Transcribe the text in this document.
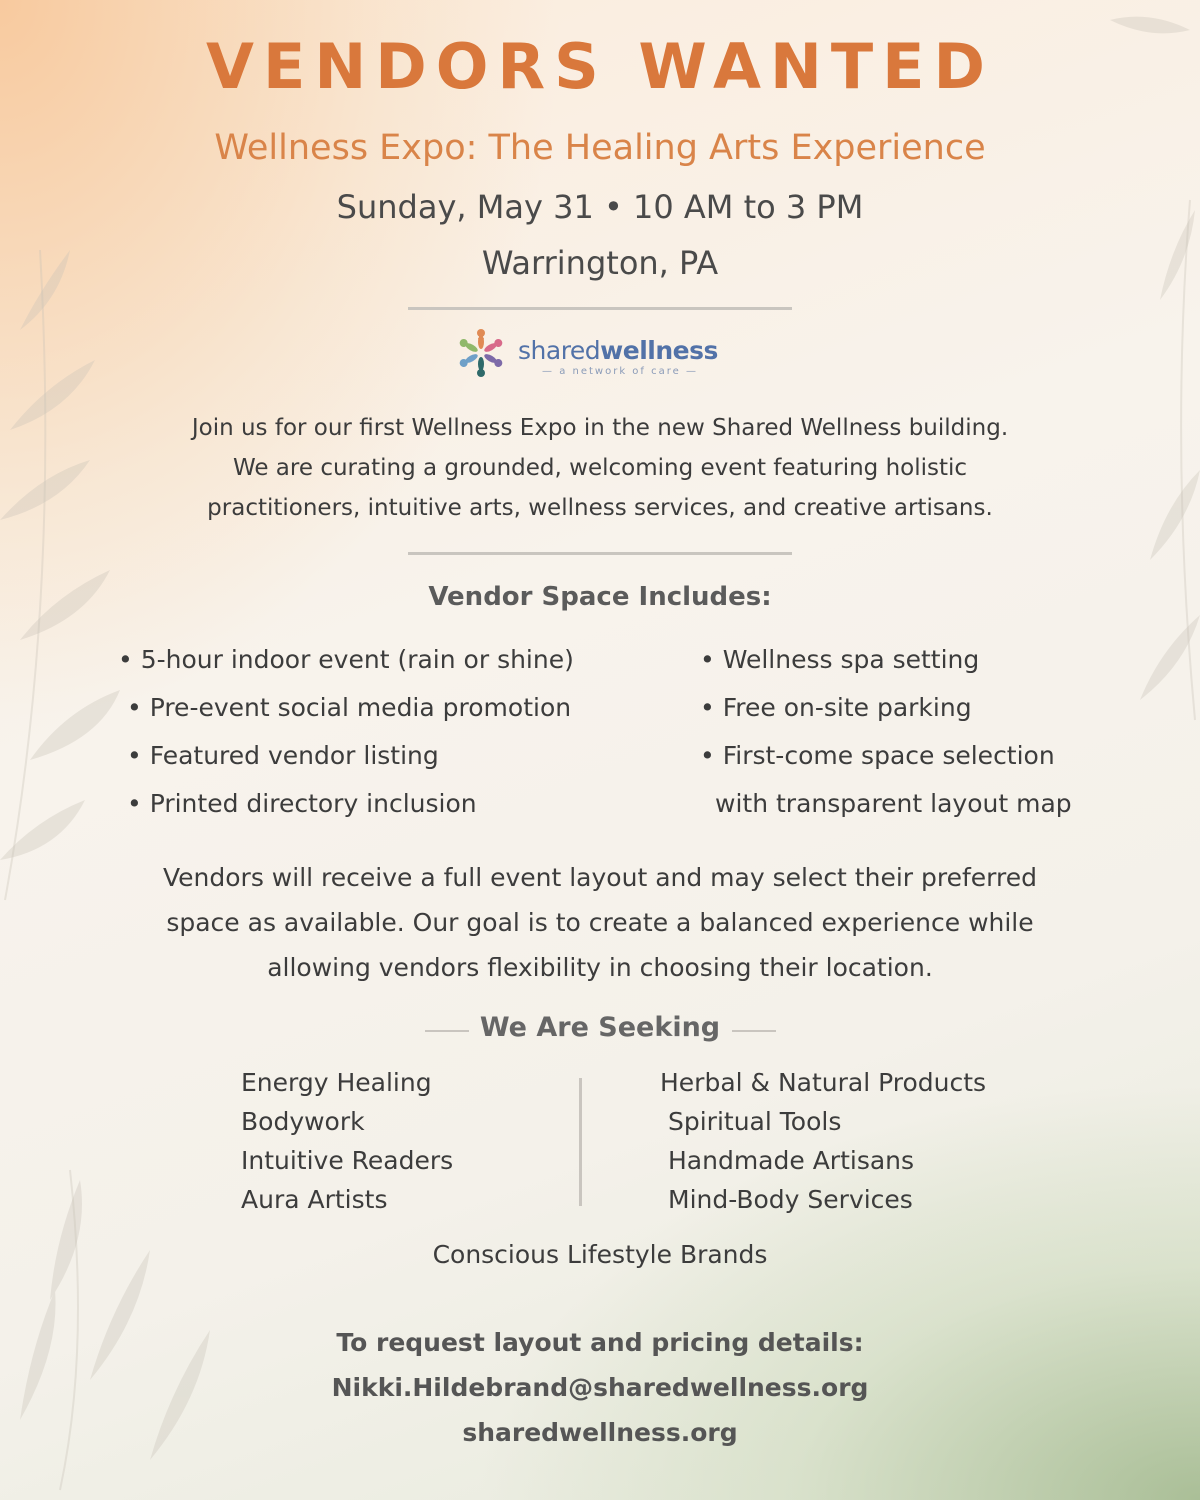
VENDORS WANTED
Wellness Expo: The Healing Arts Experience
Sunday, May 31 • 10 AM to 3 PM
Warrington, PA
sharedwellness
— a network of care —
Join us for our first Wellness Expo in the new Shared Wellness building.
We are curating a grounded, welcoming event featuring holistic
practitioners, intuitive arts, wellness services, and creative artisans.
Vendor Space Includes:
• 5-hour indoor event (rain or shine)
• Pre-event social media promotion
• Featured vendor listing
• Printed directory inclusion
• Wellness spa setting
• Free on-site parking
• First-come space selection
with transparent layout map
Vendors will receive a full event layout and may select their preferred
space as available. Our goal is to create a balanced experience while
allowing vendors flexibility in choosing their location.
We Are Seeking
Energy Healing
Bodywork
Intuitive Readers
Aura Artists
Herbal & Natural Products
Spiritual Tools
Handmade Artisans
Mind-Body Services
Conscious Lifestyle Brands
To request layout and pricing details:
Nikki.Hildebrand@sharedwellness.org
sharedwellness.org
